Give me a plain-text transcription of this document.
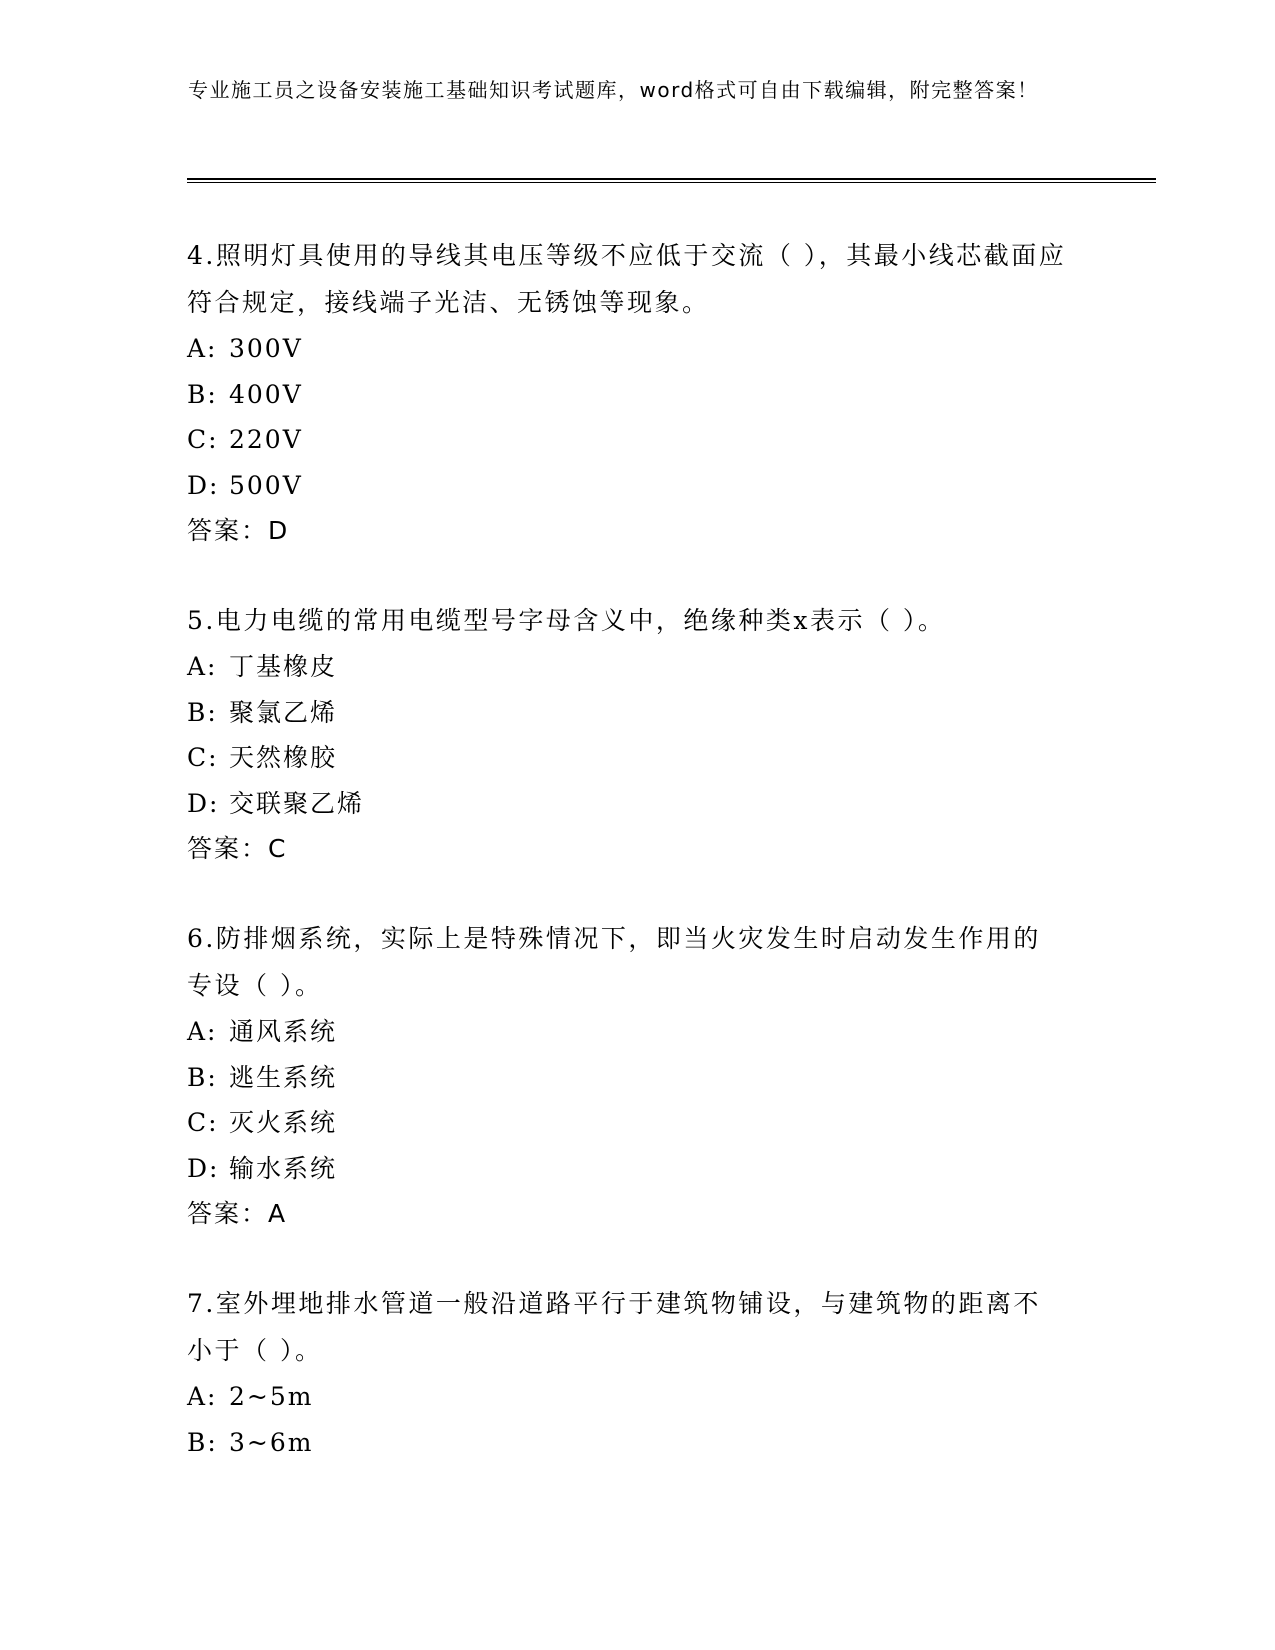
专业施工员之设备安装施工基础知识考试题库，word格式可自由下载编辑，附完整答案！
4.照明灯具使用的导线其电压等级不应低于交流（ ），其最小线芯截面应符合规定，接线端子光洁、无锈蚀等现象。
A: 300V
B: 400V
C: 220V
D: 500V
答案：D
5.电力电缆的常用电缆型号字母含义中，绝缘种类x表示（ ）。
A: 丁基橡皮
B: 聚氯乙烯
C: 天然橡胶
D: 交联聚乙烯
答案：C
6.防排烟系统，实际上是特殊情况下，即当火灾发生时启动发生作用的专设（ ）。
A: 通风系统
B: 逃生系统
C: 灭火系统
D: 输水系统
答案：A
7.室外埋地排水管道一般沿道路平行于建筑物铺设，与建筑物的距离不小于（ ）。
A: 2~5m
B: 3~6m
